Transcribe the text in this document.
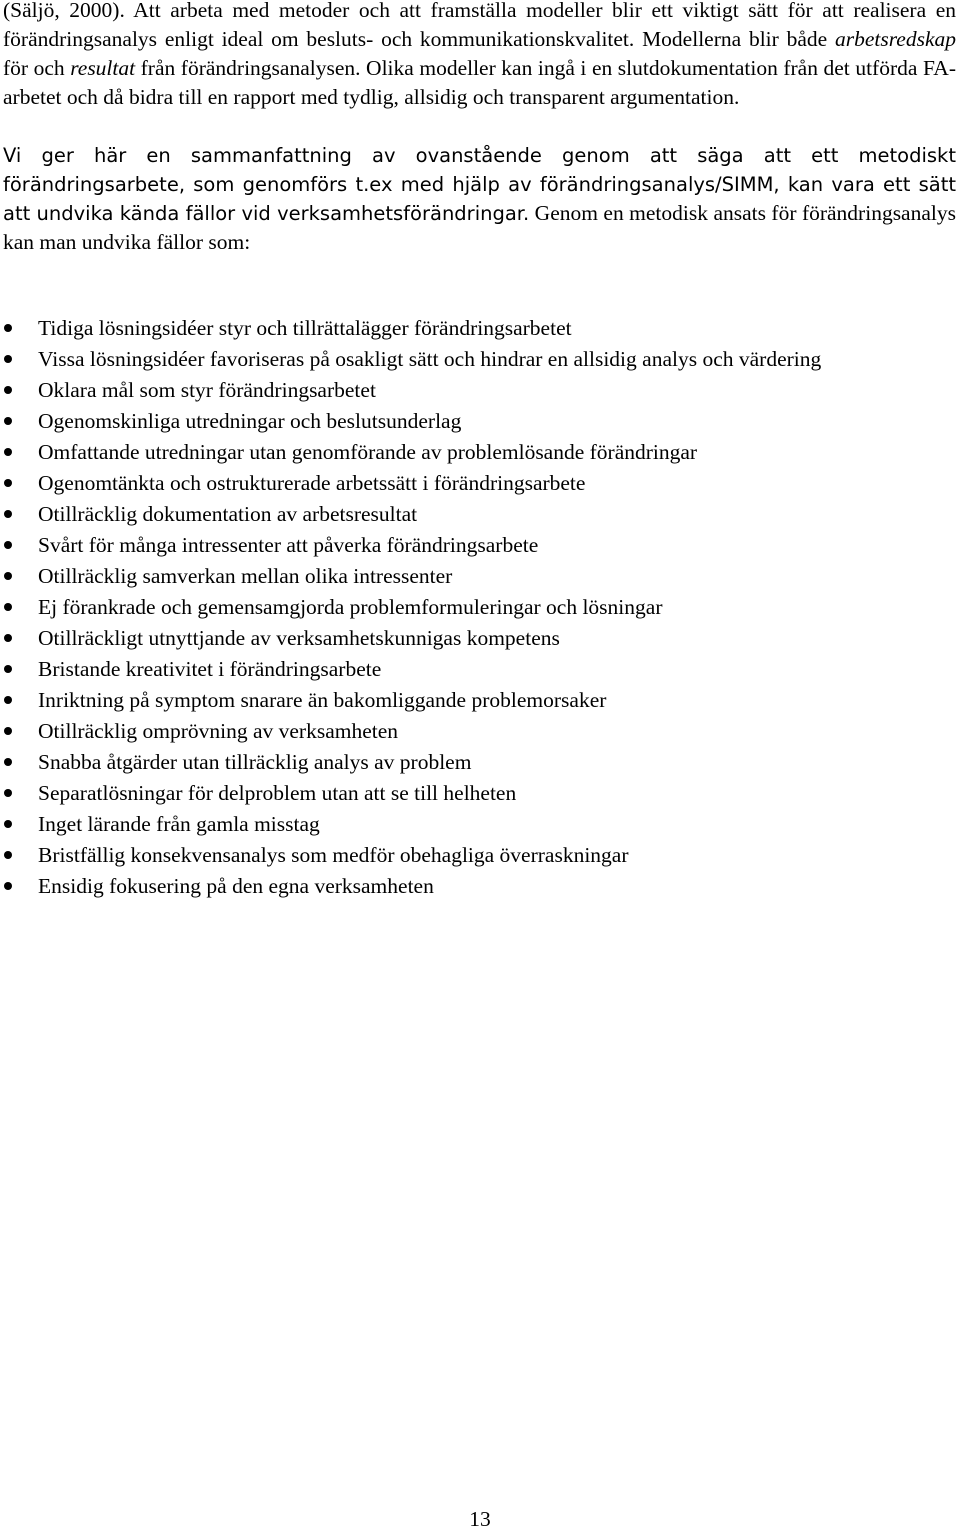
(Säljö, 2000). Att arbeta med metoder och att framställa modeller blir ett viktigt sätt för att realisera en förändringsanalys enligt ideal om besluts- och kommunikationskvalitet. Modellerna blir både arbetsredskap för och resultat från förändringsanalysen. Olika modeller kan ingå i en slutdokumentation från det utförda FA-arbetet och då bidra till en rapport med tydlig, allsidig och transparent argumentation.

Vi ger här en sammanfattning av ovanstående genom att säga att ett metodiskt förändringsarbete, som genomförs t.ex med hjälp av förändringsanalys/SIMM, kan vara ett sätt att undvika kända fällor vid verksamhetsförändringar. Genom en metodisk ansats för förändringsanalys kan man undvika fällor som:

Tidiga lösningsidéer styr och tillrättalägger förändringsarbetet
Vissa lösningsidéer favoriseras på osakligt sätt och hindrar en allsidig analys och värdering
Oklara mål som styr förändringsarbetet
Ogenomskinliga utredningar och beslutsunderlag
Omfattande utredningar utan genomförande av problemlösande förändringar
Ogenomtänkta och ostrukturerade arbetssätt i förändringsarbete
Otillräcklig dokumentation av arbetsresultat
Svårt för många intressenter att påverka förändringsarbete
Otillräcklig samverkan mellan olika intressenter
Ej förankrade och gemensamgjorda problemformuleringar och lösningar
Otillräckligt utnyttjande av verksamhetskunnigas kompetens
Bristande kreativitet i förändringsarbete
Inriktning på symptom snarare än bakomliggande problemorsaker
Otillräcklig omprövning av verksamheten
Snabba åtgärder utan tillräcklig analys av problem
Separatlösningar för delproblem utan att se till helheten
Inget lärande från gamla misstag
Bristfällig konsekvensanalys som medför obehagliga överraskningar
Ensidig fokusering på den egna verksamheten
13
